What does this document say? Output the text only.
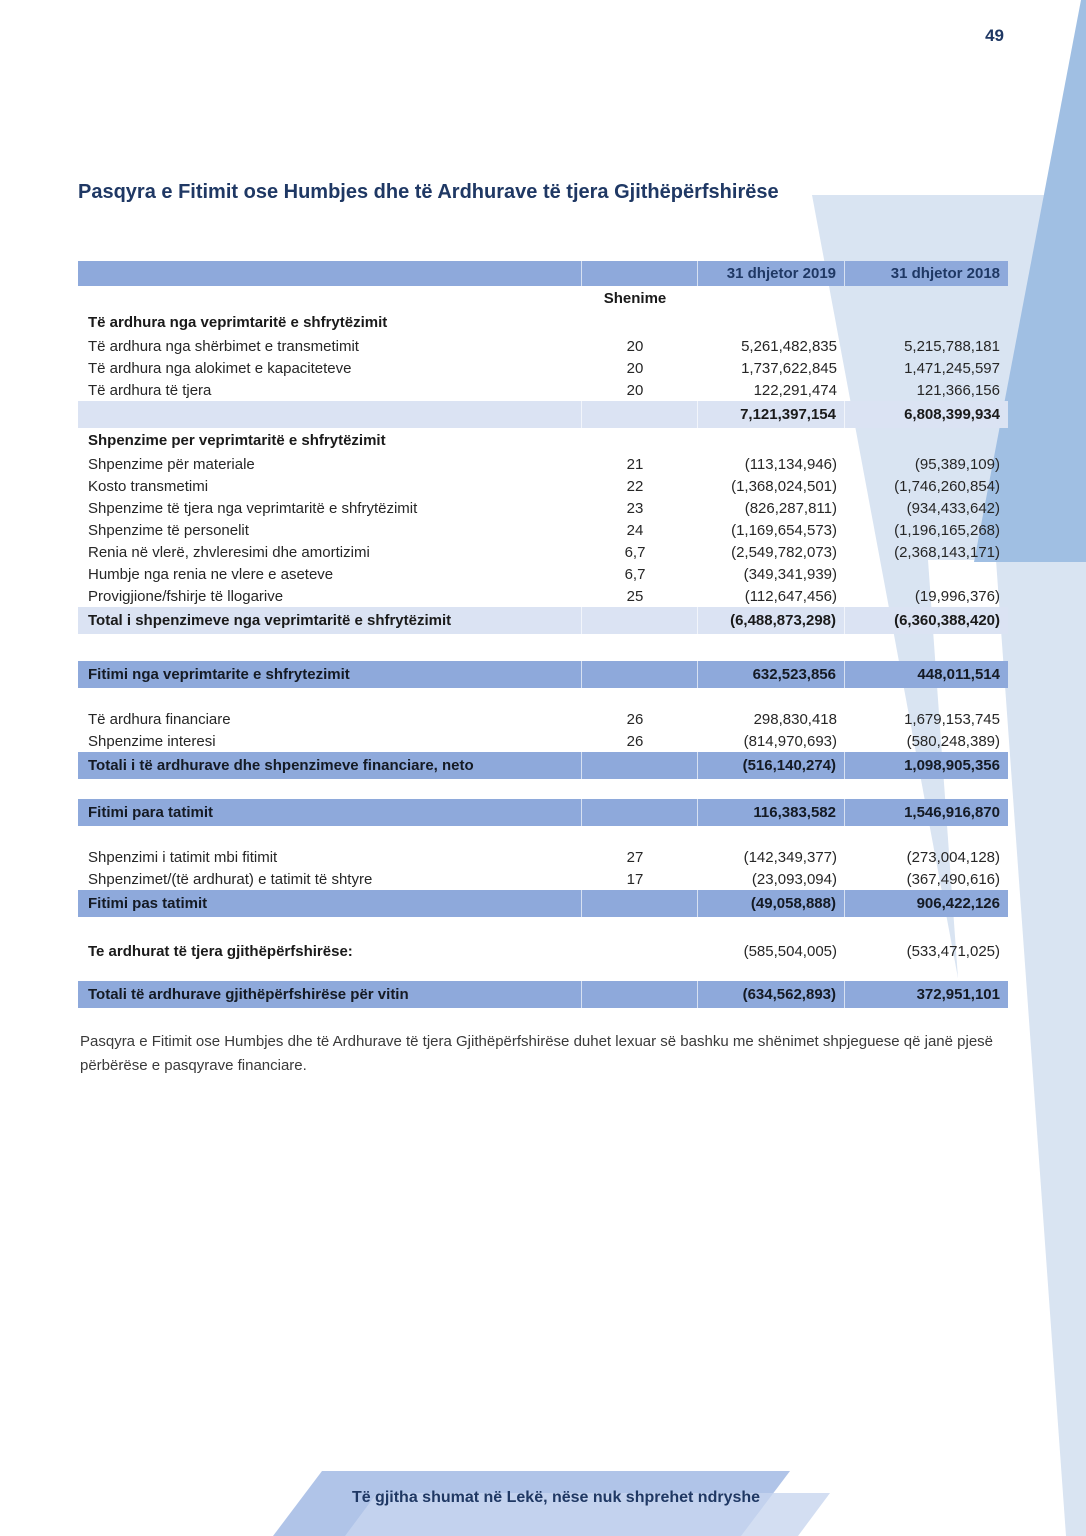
49
Pasqyra e Fitimit ose Humbjes dhe të Ardhurave të tjera Gjithëpërfshirëse
31 dhjetor 2019	31 dhjetor 2018
Shenime
Të ardhura nga veprimtaritë e shfrytëzimit
Të ardhura nga shërbimet e transmetimit	20	5,261,482,835	5,215,788,181
Të ardhura nga alokimet e kapaciteteve	20	1,737,622,845	1,471,245,597
Të ardhura të tjera	20	122,291,474	121,366,156
7,121,397,154	6,808,399,934
Shpenzime per veprimtaritë e shfrytëzimit
Shpenzime për materiale	21	(113,134,946)	(95,389,109)
Kosto transmetimi	22	(1,368,024,501)	(1,746,260,854)
Shpenzime të tjera nga veprimtaritë e shfrytëzimit	23	(826,287,811)	(934,433,642)
Shpenzime të personelit	24	(1,169,654,573)	(1,196,165,268)
Renia në vlerë, zhvleresimi dhe amortizimi	6,7	(2,549,782,073)	(2,368,143,171)
Humbje nga renia ne vlere e aseteve	6,7	(349,341,939)
Provigjione/fshirje të llogarive	25	(112,647,456)	(19,996,376)
Total i shpenzimeve nga veprimtaritë e shfrytëzimit	(6,488,873,298)	(6,360,388,420)
Fitimi nga veprimtarite e shfrytezimit	632,523,856	448,011,514
Të ardhura financiare	26	298,830,418	1,679,153,745
Shpenzime interesi	26	(814,970,693)	(580,248,389)
Totali i të ardhurave dhe shpenzimeve financiare, neto	(516,140,274)	1,098,905,356
Fitimi para tatimit	116,383,582	1,546,916,870
Shpenzimi i tatimit mbi fitimit	27	(142,349,377)	(273,004,128)
Shpenzimet/(të ardhurat) e tatimit të shtyre	17	(23,093,094)	(367,490,616)
Fitimi pas tatimit	(49,058,888)	906,422,126
Te ardhurat të tjera gjithëpërfshirëse:	(585,504,005)	(533,471,025)
Totali të ardhurave gjithëpërfshirëse për vitin	(634,562,893)	372,951,101

Pasqyra e Fitimit ose Humbjes dhe të Ardhurave të tjera Gjithëpërfshirëse duhet lexuar së bashku me shënimet shpjeguese që janë pjesë përbërëse e pasqyrave financiare.

Të gjitha shumat në Lekë, nëse nuk shprehet ndryshe
